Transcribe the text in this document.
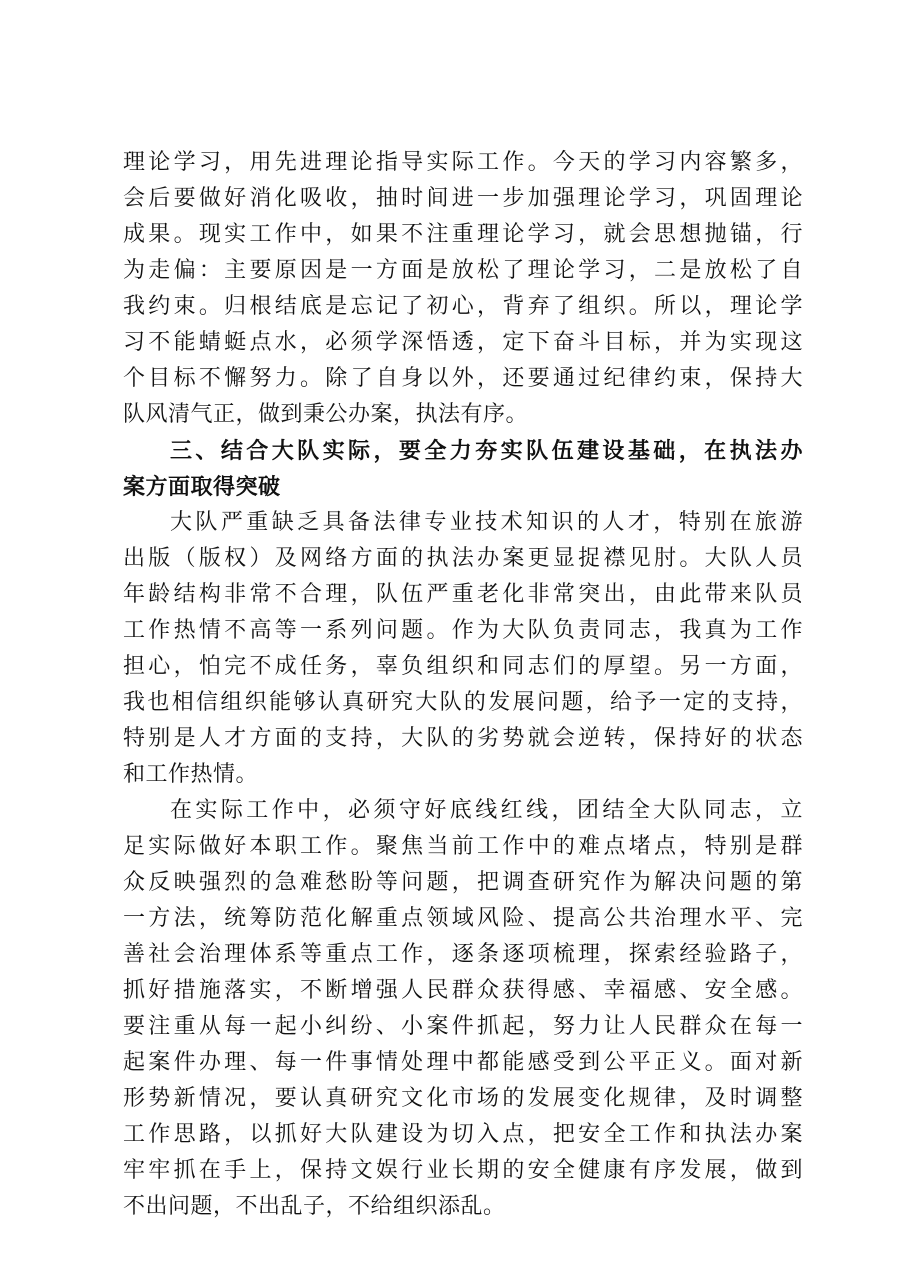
理论学习，用先进理论指导实际工作。今天的学习内容繁多，
会后要做好消化吸收，抽时间进一步加强理论学习，巩固理论
成果。现实工作中，如果不注重理论学习，就会思想抛锚，行
为走偏：主要原因是一方面是放松了理论学习，二是放松了自
我约束。归根结底是忘记了初心，背弃了组织。所以，理论学
习不能蜻蜓点水，必须学深悟透，定下奋斗目标，并为实现这
个目标不懈努力。除了自身以外，还要通过纪律约束，保持大
队风清气正，做到秉公办案，执法有序。
三、结合大队实际，要全力夯实队伍建设基础，在执法办
案方面取得突破
大队严重缺乏具备法律专业技术知识的人才，特别在旅游
出版（版权）及网络方面的执法办案更显捉襟见肘。大队人员
年龄结构非常不合理，队伍严重老化非常突出，由此带来队员
工作热情不高等一系列问题。作为大队负责同志，我真为工作
担心，怕完不成任务，辜负组织和同志们的厚望。另一方面，
我也相信组织能够认真研究大队的发展问题，给予一定的支持，
特别是人才方面的支持，大队的劣势就会逆转，保持好的状态
和工作热情。
在实际工作中，必须守好底线红线，团结全大队同志，立
足实际做好本职工作。聚焦当前工作中的难点堵点，特别是群
众反映强烈的急难愁盼等问题，把调查研究作为解决问题的第
一方法，统筹防范化解重点领域风险、提高公共治理水平、完
善社会治理体系等重点工作，逐条逐项梳理，探索经验路子，
抓好措施落实，不断增强人民群众获得感、幸福感、安全感。
要注重从每一起小纠纷、小案件抓起，努力让人民群众在每一
起案件办理、每一件事情处理中都能感受到公平正义。面对新
形势新情况，要认真研究文化市场的发展变化规律，及时调整
工作思路，以抓好大队建设为切入点，把安全工作和执法办案
牢牢抓在手上，保持文娱行业长期的安全健康有序发展，做到
不出问题，不出乱子，不给组织添乱。
